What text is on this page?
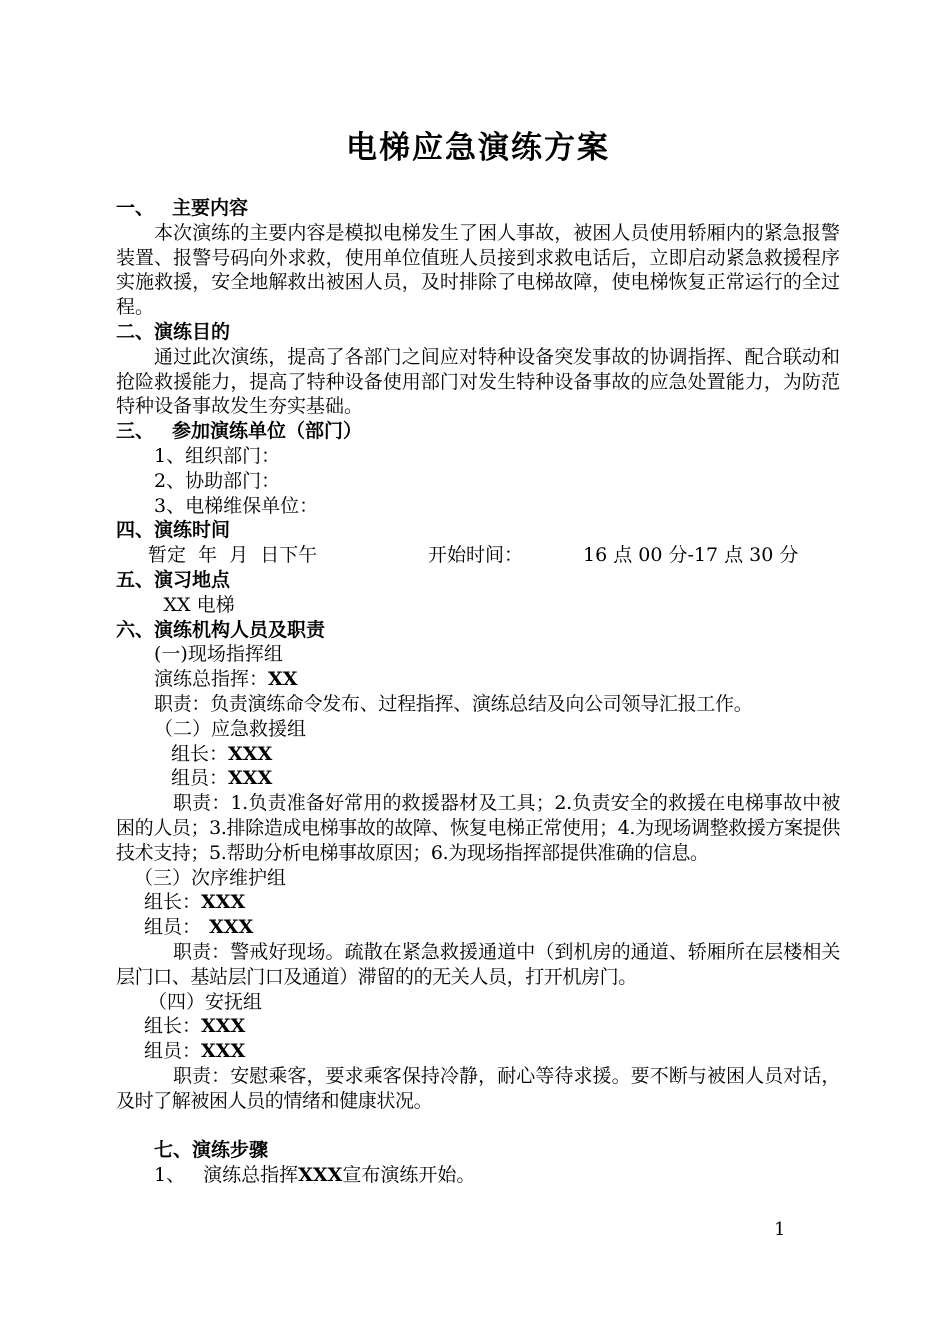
电梯应急演练方案
一、 主要内容
本次演练的主要内容是模拟电梯发生了困人事故，被困人员使用轿厢内的紧急报警装置、报警号码向外求救，使用单位值班人员接到求救电话后，立即启动紧急救援程序实施救援，安全地解救出被困人员，及时排除了电梯故障，使电梯恢复正常运行的全过程。
二、演练目的
通过此次演练，提高了各部门之间应对特种设备突发事故的协调指挥、配合联动和抢险救援能力，提高了特种设备使用部门对发生特种设备事故的应急处置能力，为防范特种设备事故发生夯实基础。
三、 参加演练单位（部门）
1、组织部门：
2、协助部门：
3、电梯维保单位：
四、演练时间
暂定  年  月  日下午	开始时间：	16 点 00 分-17 点 30 分
五、演习地点
XX 电梯
六、演练机构人员及职责
(一)现场指挥组
演练总指挥：XX
职责：负责演练命令发布、过程指挥、演练总结及向公司领导汇报工作。
（二）应急救援组
组长：XXX
组员：XXX
职责：1.负责准备好常用的救援器材及工具；2.负责安全的救援在电梯事故中被困的人员；3.排除造成电梯事故的故障、恢复电梯正常使用；4.为现场调整救援方案提供技术支持；5.帮助分析电梯事故原因；6.为现场指挥部提供准确的信息。
（三）次序维护组
组长：XXX
组员： XXX
职责：警戒好现场。疏散在紧急救援通道中（到机房的通道、轿厢所在层楼相关层门口、基站层门口及通道）滞留的的无关人员，打开机房门。
（四）安抚组
组长：XXX
组员：XXX
职责：安慰乘客，要求乘客保持冷静，耐心等待求援。要不断与被困人员对话，及时了解被困人员的情绪和健康状况。
七、演练步骤
1、 演练总指挥XXX宣布演练开始。
1
